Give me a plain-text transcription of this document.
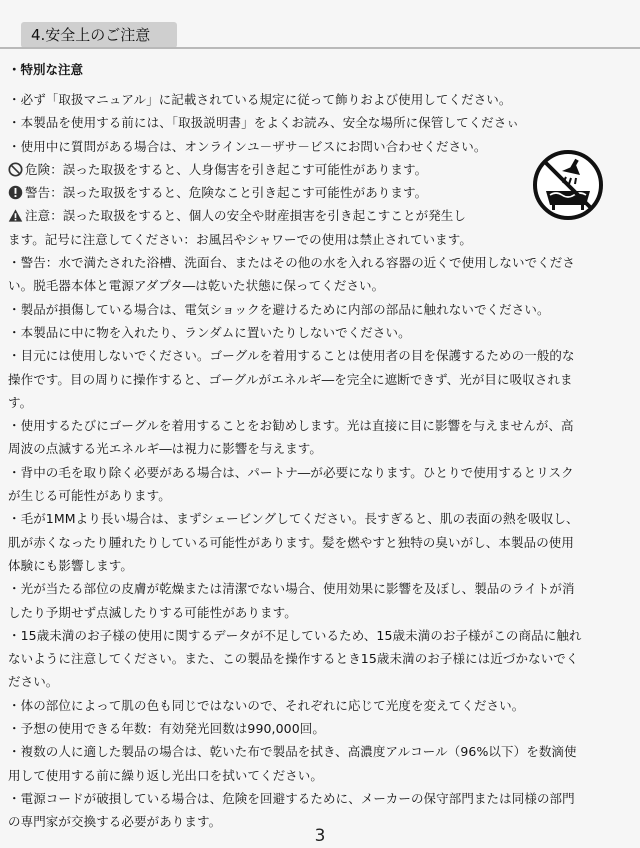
4.安全上のご注意
・特別な注意
・必ず「取扱マニュアル」に記載されている規定に従って飾りおよび使用してください。
・本製品を使用する前には、「取扱説明書」をよくお読み、安全な場所に保管してくださぃ
・使用中に質問がある場合は、オンラインユ－ザサ－ビスにお問い合わせください。
危険：誤った取扱をすると、人身傷害を引き起こす可能性があります。
警告：誤った取扱をすると、危険なこと引き起こす可能性があります。
注意：誤った取扱をすると、個人の安全や財産損害を引き起こすことが発生し
ます。記号に注意してください：お風呂やシャワーでの使用は禁止されています。
・警告：水で満たされた浴槽、洗面台、またはその他の水を入れる容器の近くで使用しないでくださ
い。脱毛器本体と電源アダプタ―は乾いた状態に保ってください。
・製品が損傷している場合は、電気ショックを避けるために内部の部品に触れないでください。
・本製品に中に物を入れたり、ランダムに置いたりしないでください。
・目元には使用しないでください。ゴーグルを着用することは使用者の目を保護するための一般的な
操作です。目の周りに操作すると、ゴーグルがエネルギ―を完全に遮断できず、光が目に吸収されま
す。
・使用するたびにゴーグルを着用することをお勧めします。光は直接に目に影響を与えませんが、高
周波の点滅する光エネルギ―は視力に影響を与えます。
・背中の毛を取り除く必要がある場合は、パートナ―が必要になります。ひとりで使用するとリスク
が生じる可能性があります。
・毛が1MMより長い場合は、まずシェービングしてください。長すぎると、肌の表面の熱を吸収し、
肌が赤くなったり腫れたりしている可能性があります。髪を燃やすと独特の臭いがし、本製品の使用
体験にも影響します。
・光が当たる部位の皮膚が乾燥または清潔でない場合、使用効果に影響を及ぼし、製品のライトが消
したり予期せず点滅したりする可能性があります。
・15歳未満のお子様の使用に関するデータが不足しているため、15歳未満のお子様がこの商品に触れ
ないように注意してください。また、この製品を操作するとき15歳未満のお子様には近づかないでく
ださい。
・体の部位によって肌の色も同じではないので、それぞれに応じて光度を変えてください。
・予想の使用できる年数：有効発光回数は990,000回。
・複数の人に適した製品の場合は、乾いた布で製品を拭き、高濃度アルコール（96%以下）を数滴使
用して使用する前に繰り返し光出口を拭いてください。
・電源コードが破損している場合は、危険を回避するために、メーカーの保守部門または同様の部門
の専門家が交換する必要があります。
3
